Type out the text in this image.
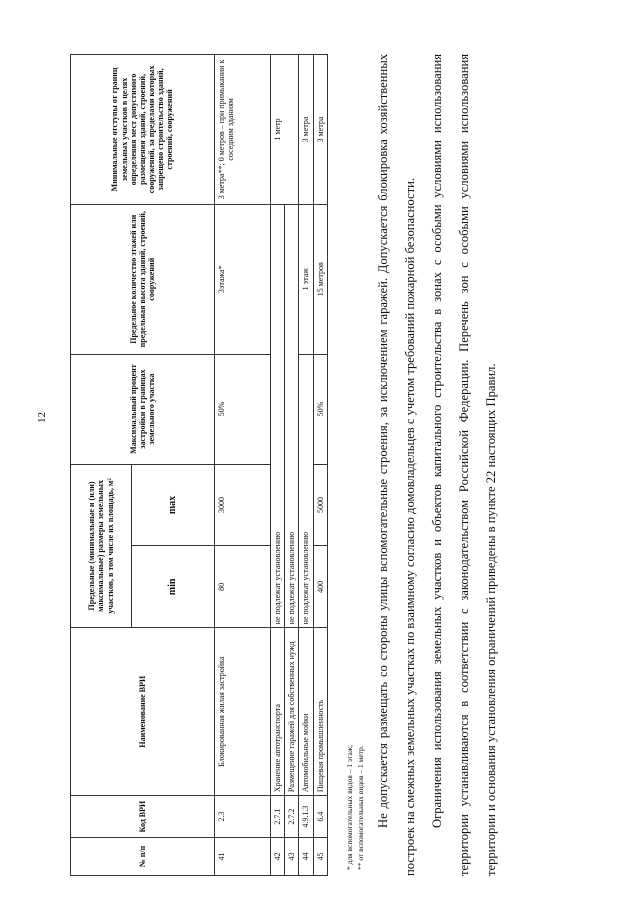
12
№ п/п	Код ВРИ	Наименование ВРИ	Предельные (минимальные и (или) максимальные) размеры земельных участков, в том числе их площадь, м²		Максимальный процент застройки в границах земельного участка	Предельное количество этажей или предельная высота зданий, строений, сооружений	Минимальные отступы от границ земельных участков в целях определения мест допустимого размещения зданий, строений, сооружений, за пределами которых запрещено строительство зданий, строений, сооружений
			min	max			
41	2.3	Блокированная жилая застройка	80	3000	50%	3этажа*	3 метра**; 0 метров – при примыкании к соседним зданиям
42	2.7.1	Хранение автотранспорта	не подлежат установлению				1 метр
43	2.7.2	Размещение гаражей для собственных нужд	не подлежат установлению				
44	4.9.1.3	Автомобильные мойки	не подлежат установлению			1 этаж	3 метра
45	6.4	Пищевая промышленность	400	5000	50%	15 метров	3 метра
* для вспомогательных видов – 1 этаж; ** от вспомогательных видов – 1 метр. Не допускается размещать со стороны улицы вспомогательные строения, за исключением гаражей. Допускается блокировка хозяйственных построек на смежных земельных участках по взаимному согласию домовладельцев с учетом требований пожарной безопасности.	Ограничения использования земельных участков и объектов капитального строительства в зонах с особыми условиями использования территории устанавливаются в соответствии с законодательством Российской Федерации. Перечень зон с особыми условиями использования территории и основания установления ограничений приведены в пункте 22 настоящих Правил.
